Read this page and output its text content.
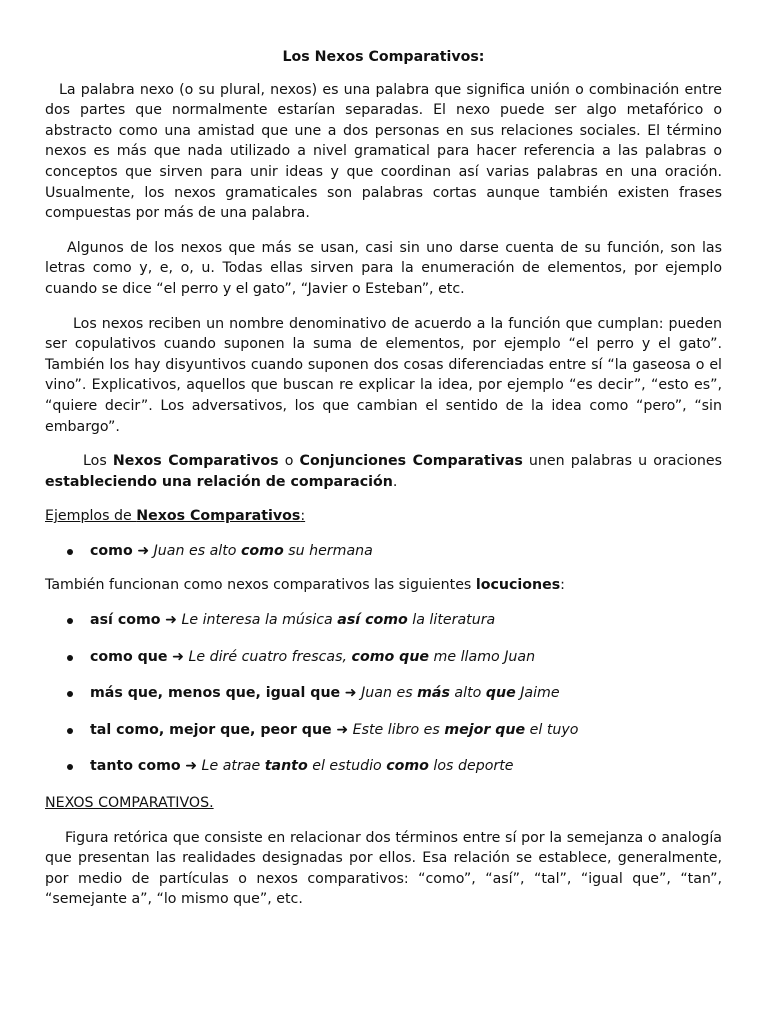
Los Nexos Comparativos:

La palabra nexo (o su plural, nexos) es una palabra que significa unión o combinación entre dos partes que normalmente estarían separadas. El nexo puede ser algo metafórico o abstracto como una amistad que une a dos personas en sus relaciones sociales. El término nexos es más que nada utilizado a nivel gramatical para hacer referencia a las palabras o conceptos que sirven para unir ideas y que coordinan así varias palabras en una oración. Usualmente, los nexos gramaticales son palabras cortas aunque también existen frases compuestas por más de una palabra.

Algunos de los nexos que más se usan, casi sin uno darse cuenta de su función, son las letras como y, e, o, u. Todas ellas sirven para la enumeración de elementos, por ejemplo cuando se dice “el perro y el gato”, “Javier o Esteban”, etc.

Los nexos reciben un nombre denominativo de acuerdo a la función que cumplan: pueden ser copulativos cuando suponen la suma de elementos, por ejemplo “el perro y el gato”. También los hay disyuntivos cuando suponen dos cosas diferenciadas entre sí “la gaseosa o el vino”. Explicativos, aquellos que buscan re explicar la idea, por ejemplo “es decir”, “esto es”, “quiere decir”. Los adversativos, los que cambian el sentido de la idea como “pero”, “sin embargo”.

Los Nexos Comparativos o Conjunciones Comparativas unen palabras u oraciones estableciendo una relación de comparación.

Ejemplos de Nexos Comparativos:

como ➜ Juan es alto como su hermana

También funcionan como nexos comparativos las siguientes locuciones:

así como ➜ Le interesa la música así como la literatura
como que ➜ Le diré cuatro frescas, como que me llamo Juan
más que, menos que, igual que ➜ Juan es más alto que Jaime
tal como, mejor que, peor que ➜ Este libro es mejor que el tuyo
tanto como ➜ Le atrae tanto el estudio como los deporte

NEXOS COMPARATIVOS.

Figura retórica que consiste en relacionar dos términos entre sí por la semejanza o analogía que presentan las realidades designadas por ellos. Esa relación se establece, generalmente, por medio de partículas o nexos comparativos: “como”, “así”, “tal”, “igual que”, “tan”, “semejante a”, “lo mismo que”, etc.
